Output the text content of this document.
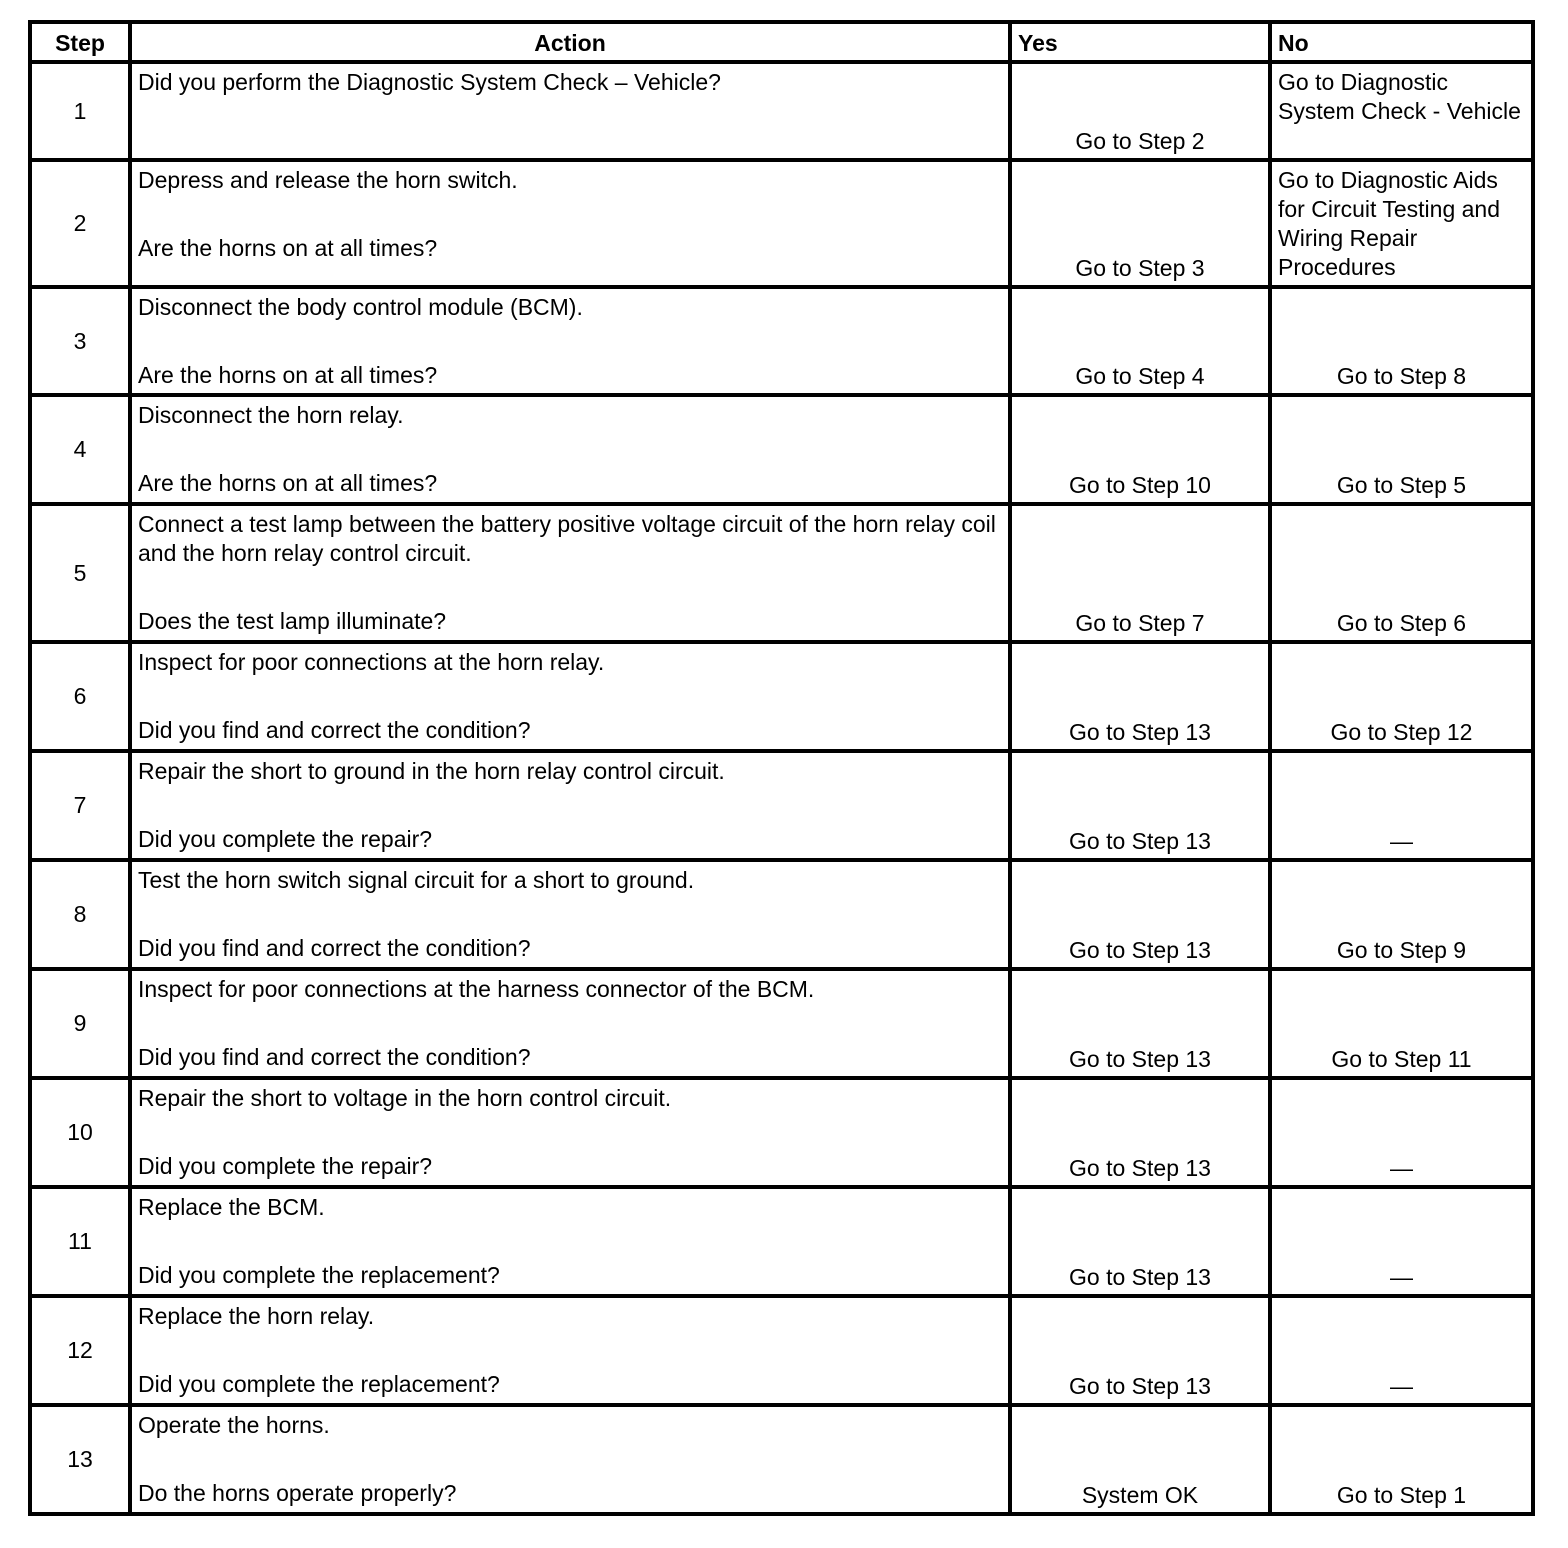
Step	Action	Yes	No
1	Did you perform the Diagnostic System Check – Vehicle?	Go to Step 2	Go to Diagnostic System Check - Vehicle
2	Depress and release the horn switch.
Are the horns on at all times?	Go to Step 3	Go to Diagnostic Aids for Circuit Testing and Wiring Repair Procedures
3	Disconnect the body control module (BCM).
Are the horns on at all times?	Go to Step 4	Go to Step 8
4	Disconnect the horn relay.
Are the horns on at all times?	Go to Step 10	Go to Step 5
5	Connect a test lamp between the battery positive voltage circuit of the horn relay coil and the horn relay control circuit.
Does the test lamp illuminate?	Go to Step 7	Go to Step 6
6	Inspect for poor connections at the horn relay.
Did you find and correct the condition?	Go to Step 13	Go to Step 12
7	Repair the short to ground in the horn relay control circuit.
Did you complete the repair?	Go to Step 13	—
8	Test the horn switch signal circuit for a short to ground.
Did you find and correct the condition?	Go to Step 13	Go to Step 9
9	Inspect for poor connections at the harness connector of the BCM.
Did you find and correct the condition?	Go to Step 13	Go to Step 11
10	Repair the short to voltage in the horn control circuit.
Did you complete the repair?	Go to Step 13	—
11	Replace the BCM.
Did you complete the replacement?	Go to Step 13	—
12	Replace the horn relay.
Did you complete the replacement?	Go to Step 13	—
13	Operate the horns.
Do the horns operate properly?	System OK	Go to Step 1
